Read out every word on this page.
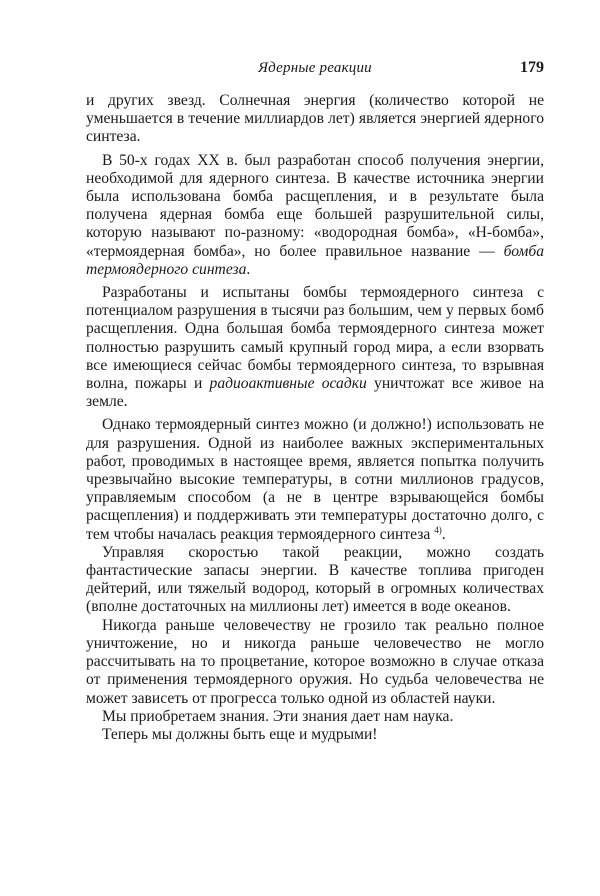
Ядерные реакции	179

и других звезд. Солнечная энергия (количество которой не уменьшается в течение миллиардов лет) является энергией ядерного синтеза.

В 50-х годах XX в. был разработан способ получения энергии, необходимой для ядерного синтеза. В качестве источника энергии была использована бомба расщепления, и в результате была получена ядерная бомба еще большей разрушительной силы, которую называют по-разному: «водородная бомба», «Н-бомба», «термоядерная бомба», но более правильное название — бомба термоядерного синтеза.

Разработаны и испытаны бомбы термоядерного синтеза с потенциалом разрушения в тысячи раз большим, чем у первых бомб расщепления. Одна большая бомба термоядерного синтеза может полностью разрушить самый крупный город мира, а если взорвать все имеющиеся сейчас бомбы термоядерного синтеза, то взрывная волна, пожары и радиоактивные осадки уничтожат все живое на земле.

Однако термоядерный синтез можно (и должно!) использовать не для разрушения. Одной из наиболее важных экспериментальных работ, проводимых в настоящее время, является попытка получить чрезвычайно высокие температуры, в сотни миллионов градусов, управляемым способом (а не в центре взрывающейся бомбы расщепления) и поддерживать эти температуры достаточно долго, с тем чтобы началась реакция термоядерного синтеза $^{4)}$.

Управляя скоростью такой реакции, можно создать фантастические запасы энергии. В качестве топлива пригоден дейтерий, или тяжелый водород, который в огромных количествах (вполне достаточных на миллионы лет) имеется в воде океанов.

Никогда раньше человечеству не грозило так реально полное уничтожение, но и никогда раньше человечество не могло рассчитывать на то процветание, которое возможно в случае отказа от применения термоядерного оружия. Но судьба человечества не может зависеть от прогресса только одной из областей науки.

Мы приобретаем знания. Эти знания дает нам наука.

Теперь мы должны быть еще и мудрыми!
